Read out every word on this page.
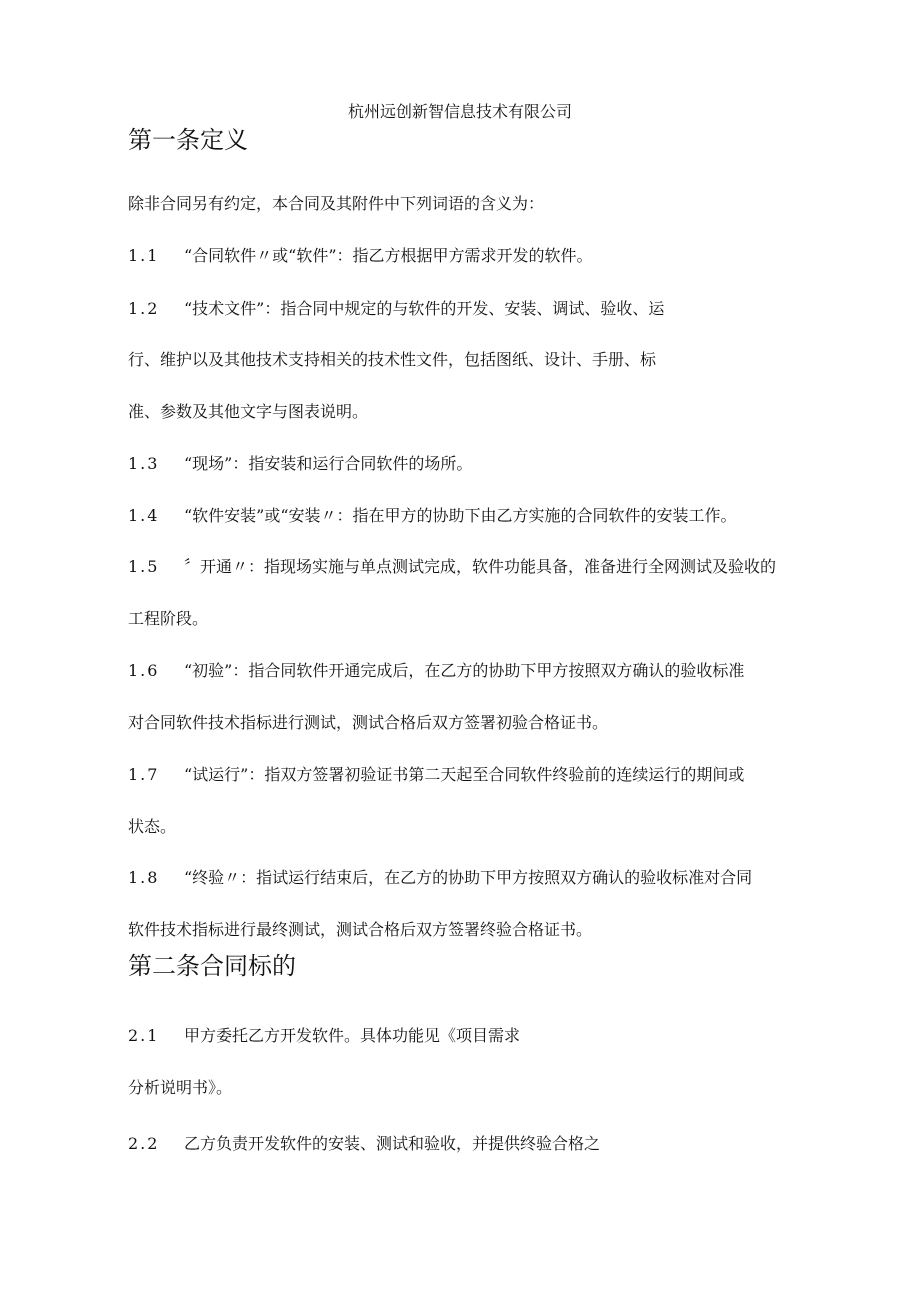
杭州远创新智信息技术有限公司
第一条定义
除非合同另有约定，本合同及其附件中下列词语的含义为：
1.1 “合同软件〃或“软件”：指乙方根据甲方需求开发的软件。
1.2 “技术文件”：指合同中规定的与软件的开发、安装、调试、验收、运
行、维护以及其他技术支持相关的技术性文件，包括图纸、设计、手册、标
准、参数及其他文字与图表说明。
1.3 “现场”：指安装和运行合同软件的场所。
1.4 “软件安装”或“安装〃：指在甲方的协助下由乙方实施的合同软件的安装工作。
1.5 〞开通〃：指现场实施与单点测试完成，软件功能具备，准备进行全网测试及验收的
工程阶段。
1.6 “初验”：指合同软件开通完成后，在乙方的协助下甲方按照双方确认的验收标准
对合同软件技术指标进行测试，测试合格后双方签署初验合格证书。
1.7 “试运行”：指双方签署初验证书第二天起至合同软件终验前的连续运行的期间或
状态。
1.8 “终验〃：指试运行结束后，在乙方的协助下甲方按照双方确认的验收标准对合同
软件技术指标进行最终测试，测试合格后双方签署终验合格证书。
第二条合同标的
2.1 甲方委托乙方开发软件。具体功能见《项目需求
分析说明书》。
2.2 乙方负责开发软件的安装、测试和验收，并提供终验合格之
